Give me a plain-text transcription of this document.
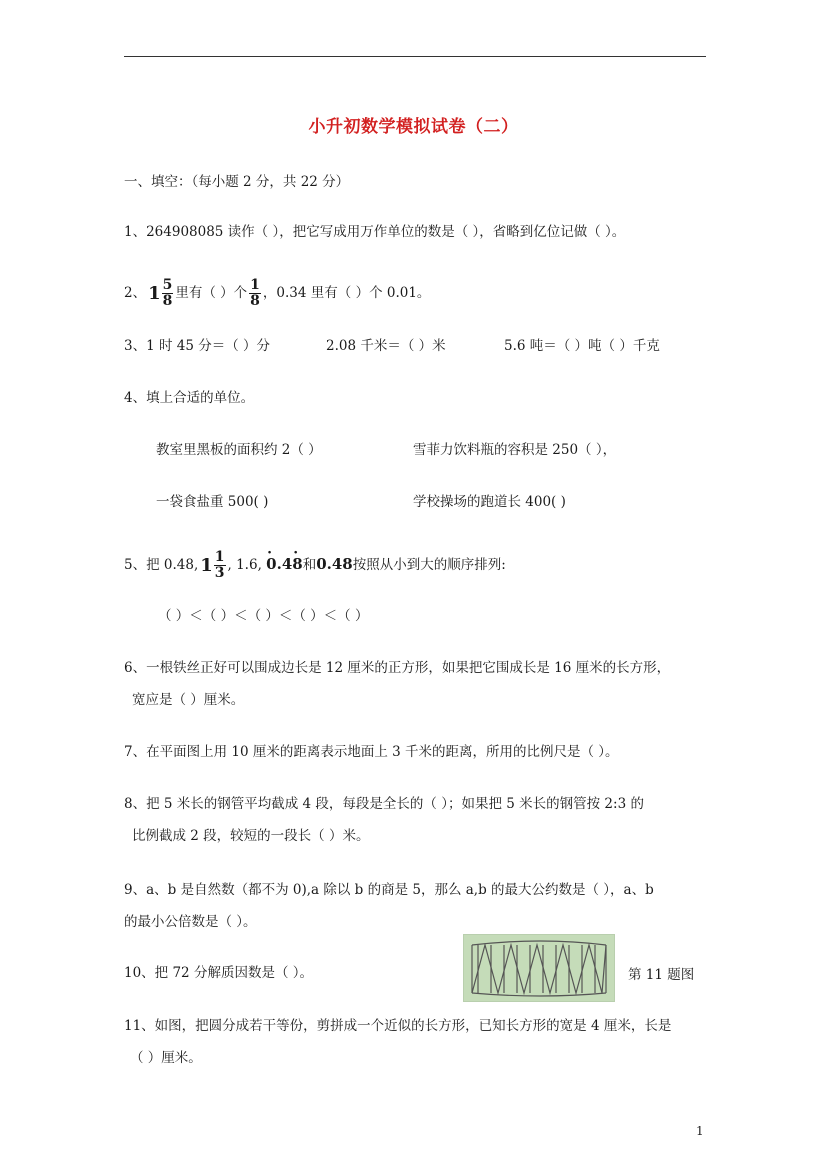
小升初数学模拟试卷（二）
一、填空：（每小题 2 分，共 22 分）
1、264908085 读作（ ），把它写成用万作单位的数是（ ），省略到亿位记做（ ）。
2、 $1 \frac{5}{8}$ 里有（ ）个 $\frac{1}{8}$ ，0.34 里有（ ）个 0.01。
3、1 时 45 分＝（ ）分	2.08 千米＝（ ）米	5.6 吨＝（ ）吨（ ）千克
4、填上合适的单位。
教室里黑板的面积约 2（ ）	雪菲力饮料瓶的容积是 250（ ），
一袋食盐重 500( )	学校操场的跑道长 400( )
5、把 0.48, $1 \frac{1}{3}$ , 1.6, · 0.4· 8和0.48按照从小到大的顺序排列:
（ ）＜（ ）＜（ ）＜（ ）＜（ ）
6、一根铁丝正好可以围成边长是 12 厘米的正方形，如果把它围成长是 16 厘米的长方形，
宽应是（ ）厘米。
7、在平面图上用 10 厘米的距离表示地面上 3 千米的距离，所用的比例尺是（ ）。
8、把 5 米长的钢管平均截成 4 段，每段是全长的（ ）；如果把 5 米长的钢管按 2:3 的
比例截成 2 段，较短的一段长（ ）米。
9、a、b 是自然数（都不为 0),a 除以 b 的商是 5，那么 a,b 的最大公约数是（ ），a、b
的最小公倍数是（ ）。
10、把 72 分解质因数是（ ）。	第 11 题图
11、如图，把圆分成若干等份，剪拼成一个近似的长方形，已知长方形的宽是 4 厘米，长是
（ ）厘米。
1
